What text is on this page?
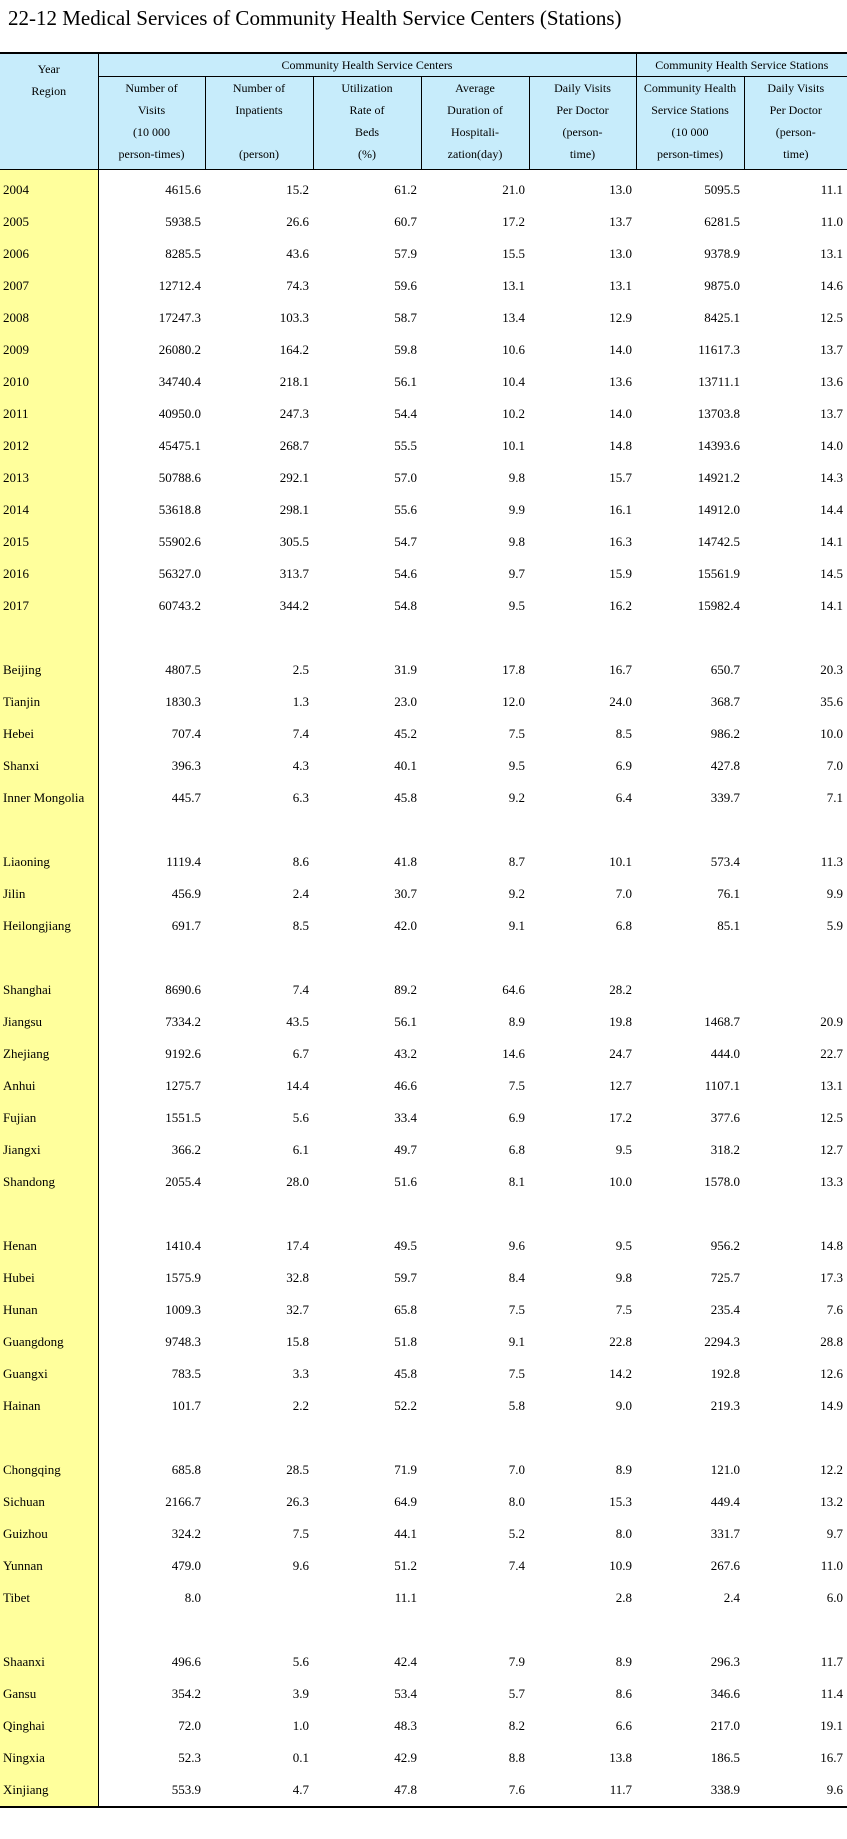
22-12 Medical Services of Community Health Service Centers (Stations)
Year
Region	Community Health Service Centers					Community Health Service Stations	

	Number of
Visits
(10 000
person-times)	Number of
Inpatients

(person)	Utilization
Rate of
Beds
(%)	Average
Duration of
Hospitali-
zation(day)	Daily Visits
Per Doctor
(person-
time)	Community Health
Service Stations
(10 000
person-times)	Daily Visits
Per Doctor
(person-
time)

2004	4615.6	15.2	61.2	21.0	13.0	5095.5	11.1
2005	5938.5	26.6	60.7	17.2	13.7	6281.5	11.0
2006	8285.5	43.6	57.9	15.5	13.0	9378.9	13.1
2007	12712.4	74.3	59.6	13.1	13.1	9875.0	14.6
2008	17247.3	103.3	58.7	13.4	12.9	8425.1	12.5
2009	26080.2	164.2	59.8	10.6	14.0	11617.3	13.7
2010	34740.4	218.1	56.1	10.4	13.6	13711.1	13.6
2011	40950.0	247.3	54.4	10.2	14.0	13703.8	13.7
2012	45475.1	268.7	55.5	10.1	14.8	14393.6	14.0
2013	50788.6	292.1	57.0	9.8	15.7	14921.2	14.3
2014	53618.8	298.1	55.6	9.9	16.1	14912.0	14.4
2015	55902.6	305.5	54.7	9.8	16.3	14742.5	14.1
2016	56327.0	313.7	54.6	9.7	15.9	15561.9	14.5
2017	60743.2	344.2	54.8	9.5	16.2	15982.4	14.1

Beijing	4807.5	2.5	31.9	17.8	16.7	650.7	20.3
Tianjin	1830.3	1.3	23.0	12.0	24.0	368.7	35.6
Hebei	707.4	7.4	45.2	7.5	8.5	986.2	10.0
Shanxi	396.3	4.3	40.1	9.5	6.9	427.8	7.0
Inner Mongolia	445.7	6.3	45.8	9.2	6.4	339.7	7.1

Liaoning	1119.4	8.6	41.8	8.7	10.1	573.4	11.3
Jilin	456.9	2.4	30.7	9.2	7.0	76.1	9.9
Heilongjiang	691.7	8.5	42.0	9.1	6.8	85.1	5.9

Shanghai	8690.6	7.4	89.2	64.6	28.2		
Jiangsu	7334.2	43.5	56.1	8.9	19.8	1468.7	20.9
Zhejiang	9192.6	6.7	43.2	14.6	24.7	444.0	22.7
Anhui	1275.7	14.4	46.6	7.5	12.7	1107.1	13.1
Fujian	1551.5	5.6	33.4	6.9	17.2	377.6	12.5
Jiangxi	366.2	6.1	49.7	6.8	9.5	318.2	12.7
Shandong	2055.4	28.0	51.6	8.1	10.0	1578.0	13.3

Henan	1410.4	17.4	49.5	9.6	9.5	956.2	14.8
Hubei	1575.9	32.8	59.7	8.4	9.8	725.7	17.3
Hunan	1009.3	32.7	65.8	7.5	7.5	235.4	7.6
Guangdong	9748.3	15.8	51.8	9.1	22.8	2294.3	28.8
Guangxi	783.5	3.3	45.8	7.5	14.2	192.8	12.6
Hainan	101.7	2.2	52.2	5.8	9.0	219.3	14.9

Chongqing	685.8	28.5	71.9	7.0	8.9	121.0	12.2
Sichuan	2166.7	26.3	64.9	8.0	15.3	449.4	13.2
Guizhou	324.2	7.5	44.1	5.2	8.0	331.7	9.7
Yunnan	479.0	9.6	51.2	7.4	10.9	267.6	11.0
Tibet	8.0		11.1		2.8	2.4	6.0

Shaanxi	496.6	5.6	42.4	7.9	8.9	296.3	11.7
Gansu	354.2	3.9	53.4	5.7	8.6	346.6	11.4
Qinghai	72.0	1.0	48.3	8.2	6.6	217.0	19.1
Ningxia	52.3	0.1	42.9	8.8	13.8	186.5	16.7
Xinjiang	553.9	4.7	47.8	7.6	11.7	338.9	9.6
